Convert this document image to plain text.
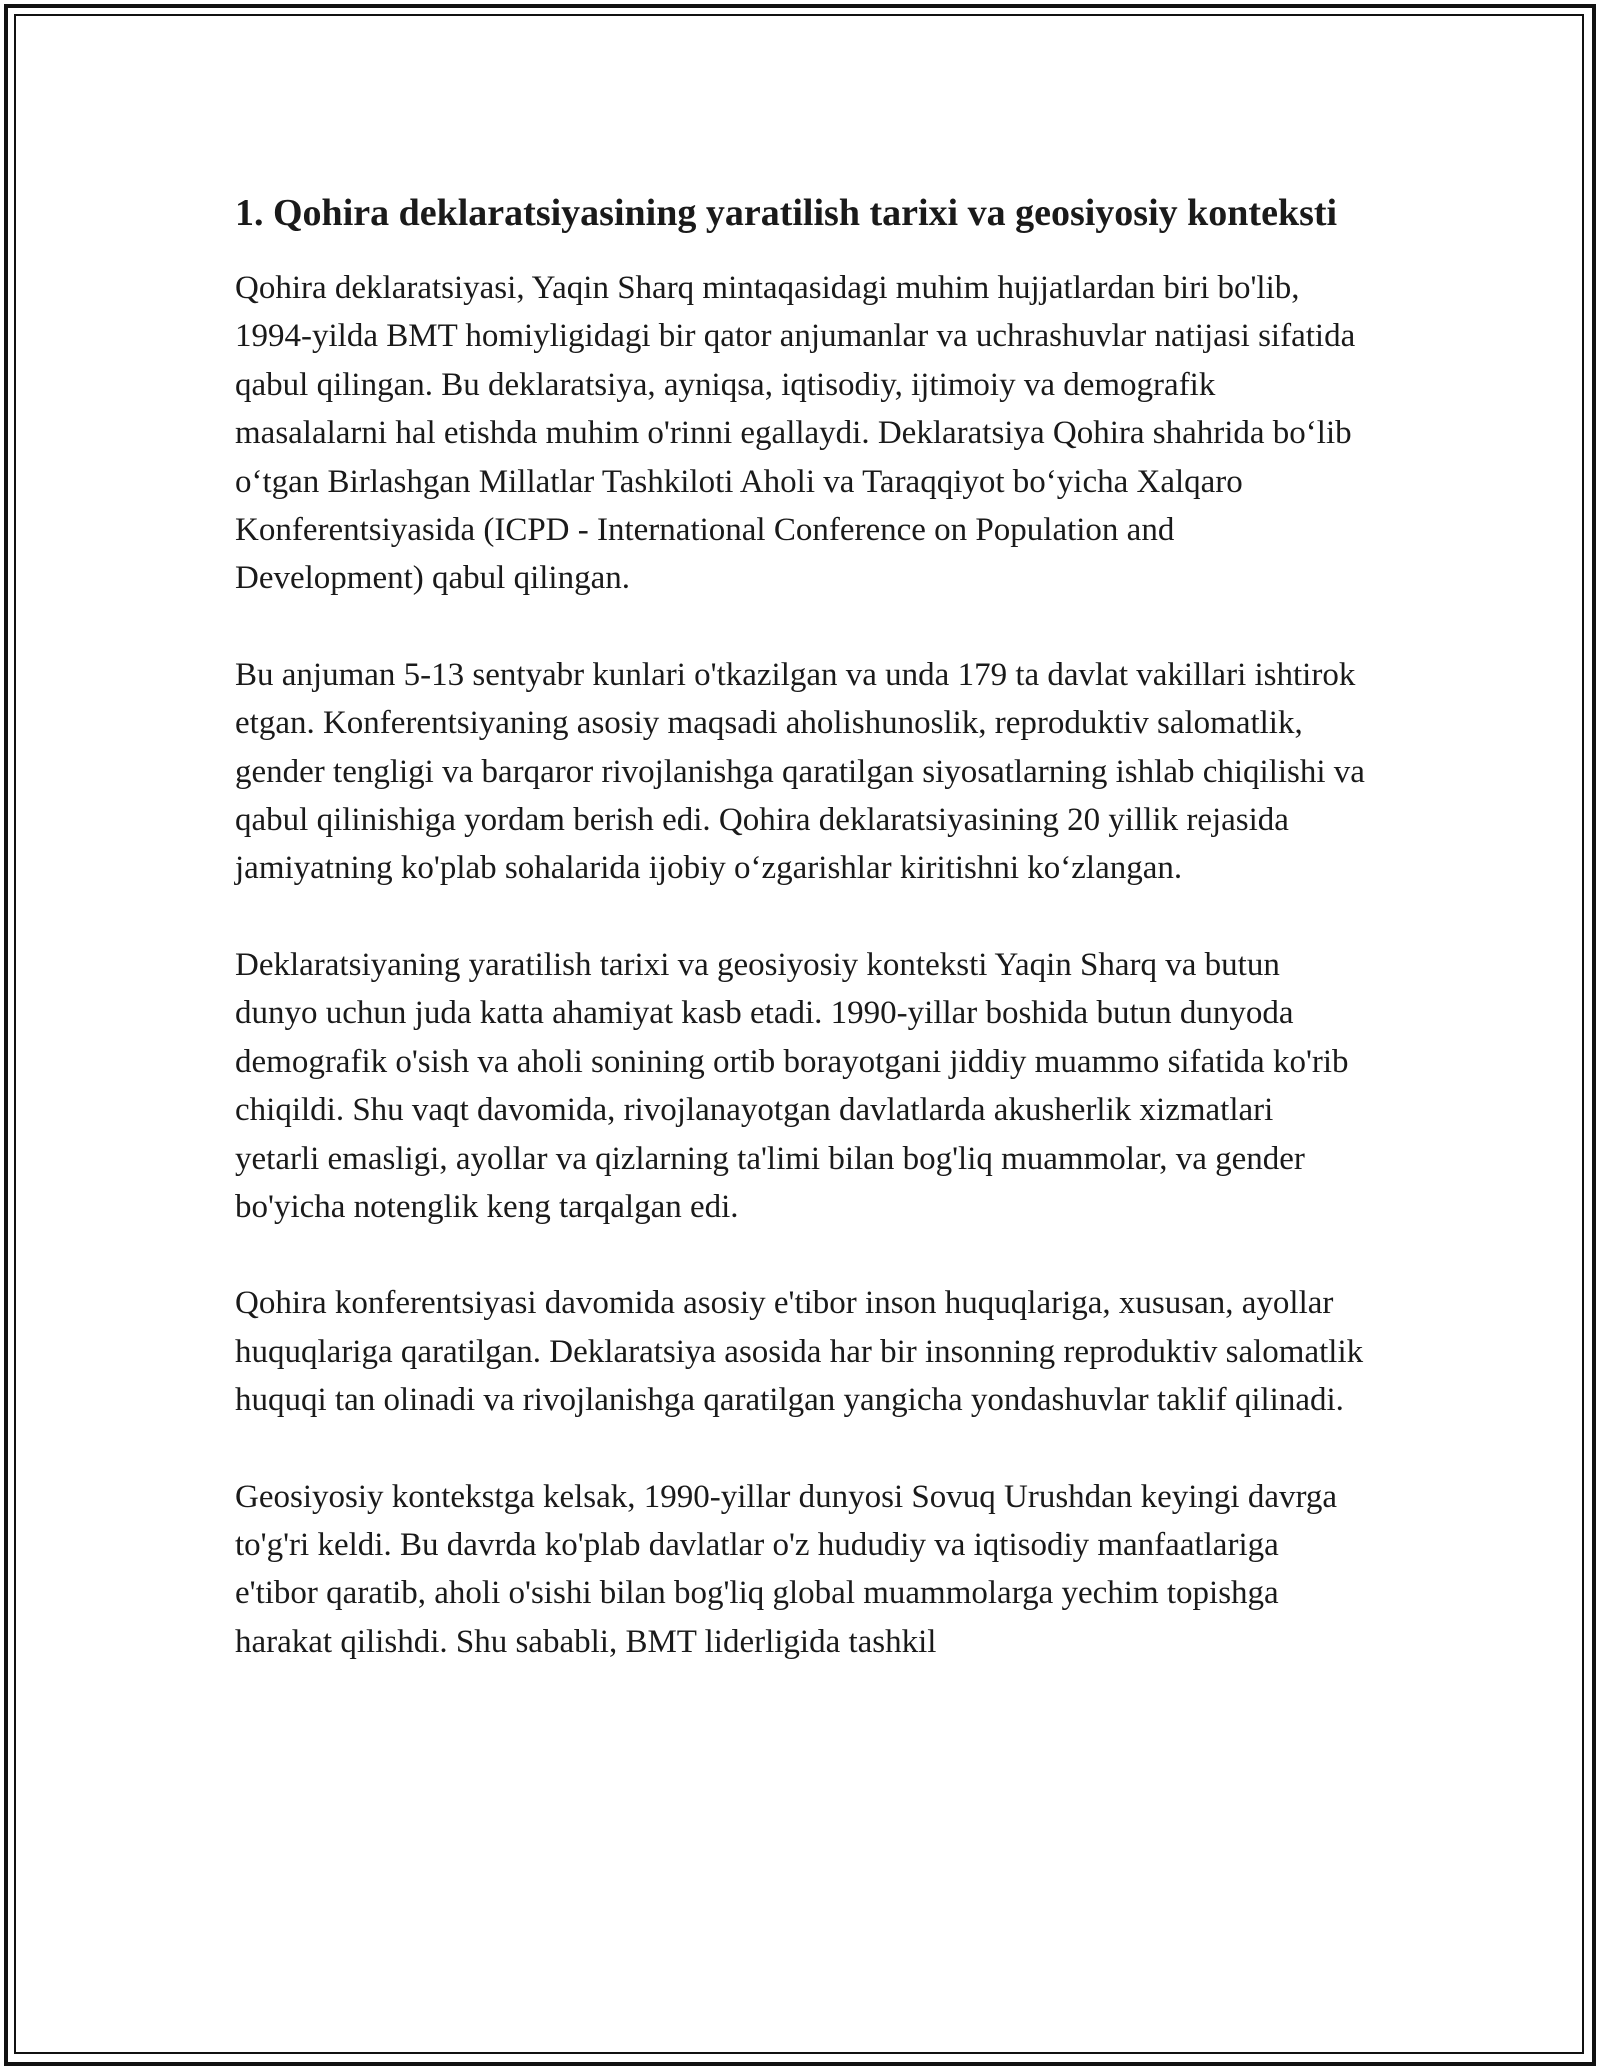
1. Qohira deklaratsiyasining yaratilish tarixi va geosiyosiy konteksti

Qohira deklaratsiyasi, Yaqin Sharq mintaqasidagi muhim hujjatlardan biri bo'lib, 1994-yilda BMT homiyligidagi bir qator anjumanlar va uchrashuvlar natijasi sifatida qabul qilingan. Bu deklaratsiya, ayniqsa, iqtisodiy, ijtimoiy va demografik masalalarni hal etishda muhim o'rinni egallaydi. Deklaratsiya Qohira shahrida bo‘lib o‘tgan Birlashgan Millatlar Tashkiloti Aholi va Taraqqiyot bo‘yicha Xalqaro Konferentsiyasida (ICPD - International Conference on Population and Development) qabul qilingan.

Bu anjuman 5-13 sentyabr kunlari o'tkazilgan va unda 179 ta davlat vakillari ishtirok etgan. Konferentsiyaning asosiy maqsadi aholishunoslik, reproduktiv salomatlik, gender tengligi va barqaror rivojlanishga qaratilgan siyosatlarning ishlab chiqilishi va qabul qilinishiga yordam berish edi. Qohira deklaratsiyasining 20 yillik rejasida jamiyatning ko'plab sohalarida ijobiy o‘zgarishlar kiritishni ko‘zlangan.

Deklaratsiyaning yaratilish tarixi va geosiyosiy konteksti Yaqin Sharq va butun dunyo uchun juda katta ahamiyat kasb etadi. 1990-yillar boshida butun dunyoda demografik o'sish va aholi sonining ortib borayotgani jiddiy muammo sifatida ko'rib chiqildi. Shu vaqt davomida, rivojlanayotgan davlatlarda akusherlik xizmatlari yetarli emasligi, ayollar va qizlarning ta'limi bilan bog'liq muammolar, va gender bo'yicha notenglik keng tarqalgan edi.

Qohira konferentsiyasi davomida asosiy e'tibor inson huquqlariga, xususan, ayollar huquqlariga qaratilgan. Deklaratsiya asosida har bir insonning reproduktiv salomatlik huquqi tan olinadi va rivojlanishga qaratilgan yangicha yondashuvlar taklif qilinadi.

Geosiyosiy kontekstga kelsak, 1990-yillar dunyosi Sovuq Urushdan keyingi davrga to'g'ri keldi. Bu davrda ko'plab davlatlar o'z hududiy va iqtisodiy manfaatlariga e'tibor qaratib, aholi o'sishi bilan bog'liq global muammolarga yechim topishga harakat qilishdi. Shu sababli, BMT liderligida tashkil
